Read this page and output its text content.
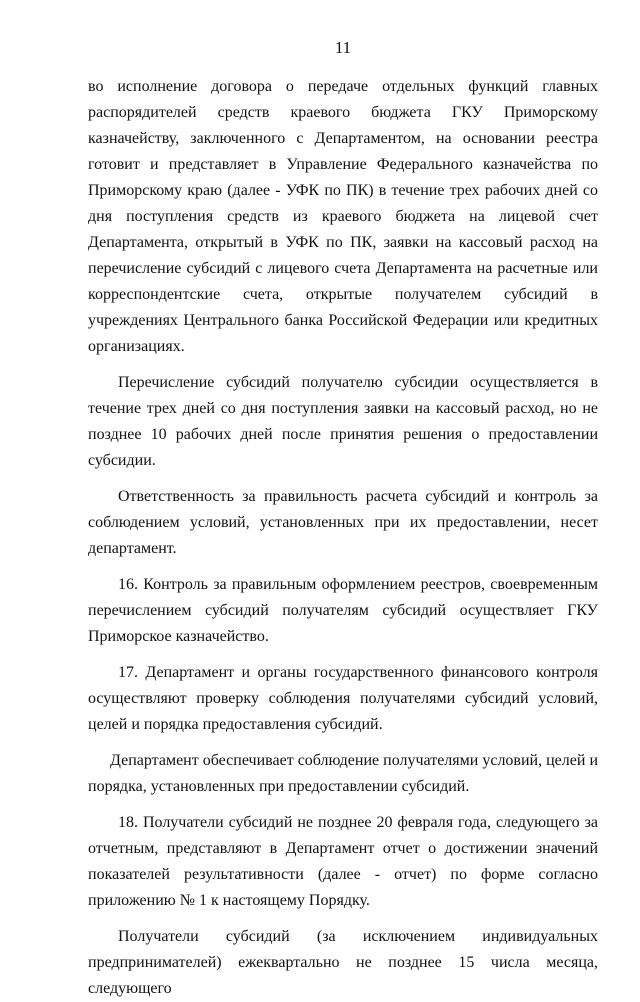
11

во исполнение договора о передаче отдельных функций главных распорядителей средств краевого бюджета ГКУ Приморскому казначейству, заключенного с Департаментом, на основании реестра готовит и представляет в Управление Федерального казначейства по Приморскому краю (далее - УФК по ПК) в течение трех рабочих дней со дня поступления средств из краевого бюджета на лицевой счет Департамента, открытый в УФК по ПК, заявки на кассовый расход на перечисление субсидий с лицевого счета Департамента на расчетные или корреспондентские счета, открытые получателем субсидий в учреждениях Центрального банка Российской Федерации или кредитных организациях.

Перечисление субсидий получателю субсидии осуществляется в течение трех дней со дня поступления заявки на кассовый расход, но не позднее 10 рабочих дней после принятия решения о предоставлении субсидии.

Ответственность за правильность расчета субсидий и контроль за соблюдением условий, установленных при их предоставлении, несет департамент.

16. Контроль за правильным оформлением реестров, своевременным перечислением субсидий получателям субсидий осуществляет ГКУ Приморское казначейство.

17. Департамент и органы государственного финансового контроля осуществляют проверку соблюдения получателями субсидий условий, целей и порядка предоставления субсидий.

Департамент обеспечивает соблюдение получателями условий, целей и порядка, установленных при предоставлении субсидий.

18. Получатели субсидий не позднее 20 февраля года, следующего за отчетным, представляют в Департамент отчет о достижении значений показателей результативности (далее - отчет) по форме согласно приложению № 1 к настоящему Порядку.

Получатели субсидий (за исключением индивидуальных предпринимателей) ежеквартально не позднее 15 числа месяца, следующего
